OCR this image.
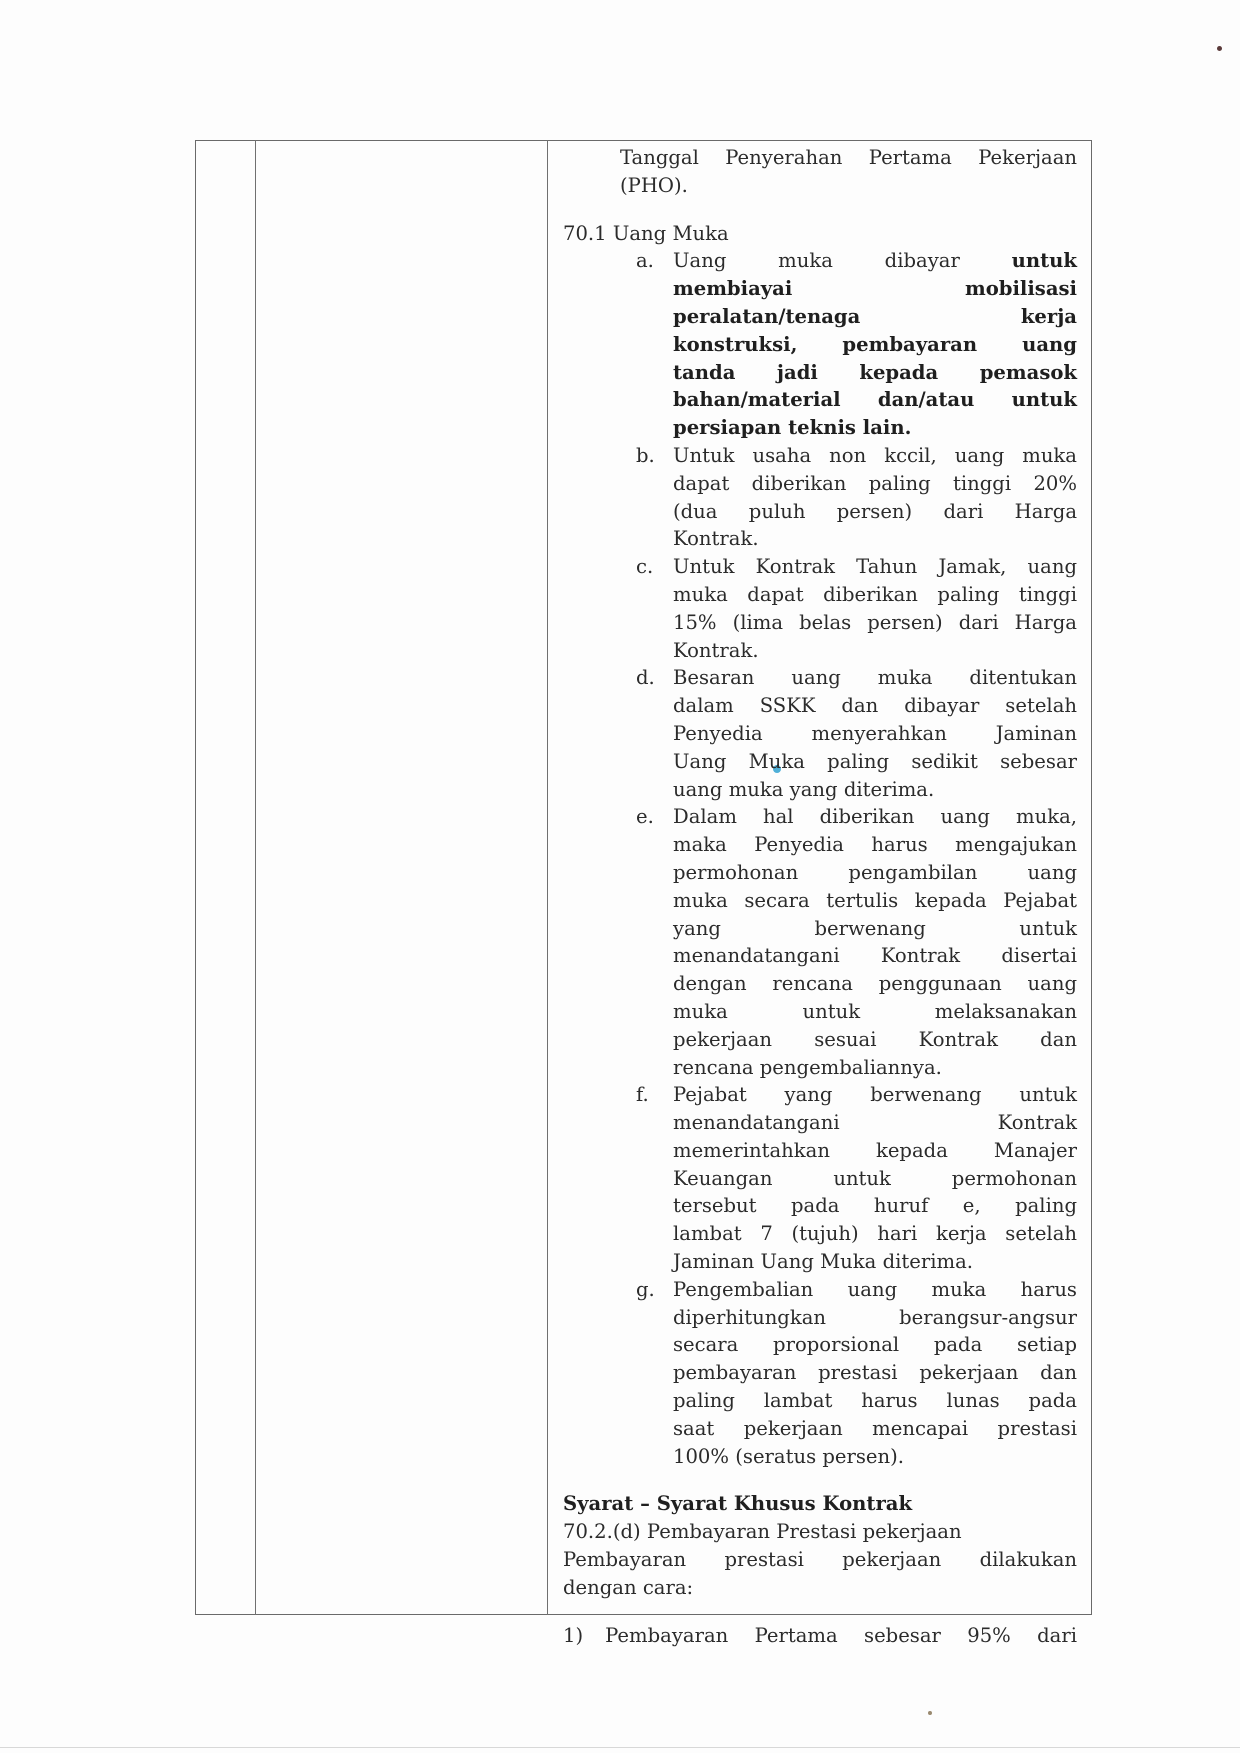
Tanggal Penyerahan Pertama Pekerjaan
(PHO).
70.1 Uang Muka
a. Uang muka dibayar untuk
membiayai mobilisasi
peralatan/tenaga kerja
konstruksi, pembayaran uang
tanda jadi kepada pemasok
bahan/material dan/atau untuk
persiapan teknis lain.
b. Untuk usaha non kccil, uang muka
dapat diberikan paling tinggi 20%
(dua puluh persen) dari Harga
Kontrak.
c. Untuk Kontrak Tahun Jamak, uang
muka dapat diberikan paling tinggi
15% (lima belas persen) dari Harga
Kontrak.
d. Besaran uang muka ditentukan
dalam SSKK dan dibayar setelah
Penyedia menyerahkan Jaminan
Uang Muka paling sedikit sebesar
uang muka yang diterima.
e. Dalam hal diberikan uang muka,
maka Penyedia harus mengajukan
permohonan pengambilan uang
muka secara tertulis kepada Pejabat
yang berwenang untuk
menandatangani Kontrak disertai
dengan rencana penggunaan uang
muka untuk melaksanakan
pekerjaan sesuai Kontrak dan
rencana pengembaliannya.
f. Pejabat yang berwenang untuk
menandatangani Kontrak
memerintahkan kepada Manajer
Keuangan untuk permohonan
tersebut pada huruf e, paling
lambat 7 (tujuh) hari kerja setelah
Jaminan Uang Muka diterima.
g. Pengembalian uang muka harus
diperhitungkan berangsur-angsur
secara proporsional pada setiap
pembayaran prestasi pekerjaan dan
paling lambat harus lunas pada
saat pekerjaan mencapai prestasi
100% (seratus persen).
Syarat – Syarat Khusus Kontrak
70.2.(d) Pembayaran Prestasi pekerjaan
Pembayaran prestasi pekerjaan dilakukan
dengan cara:
1) Pembayaran Pertama sebesar 95% dari
